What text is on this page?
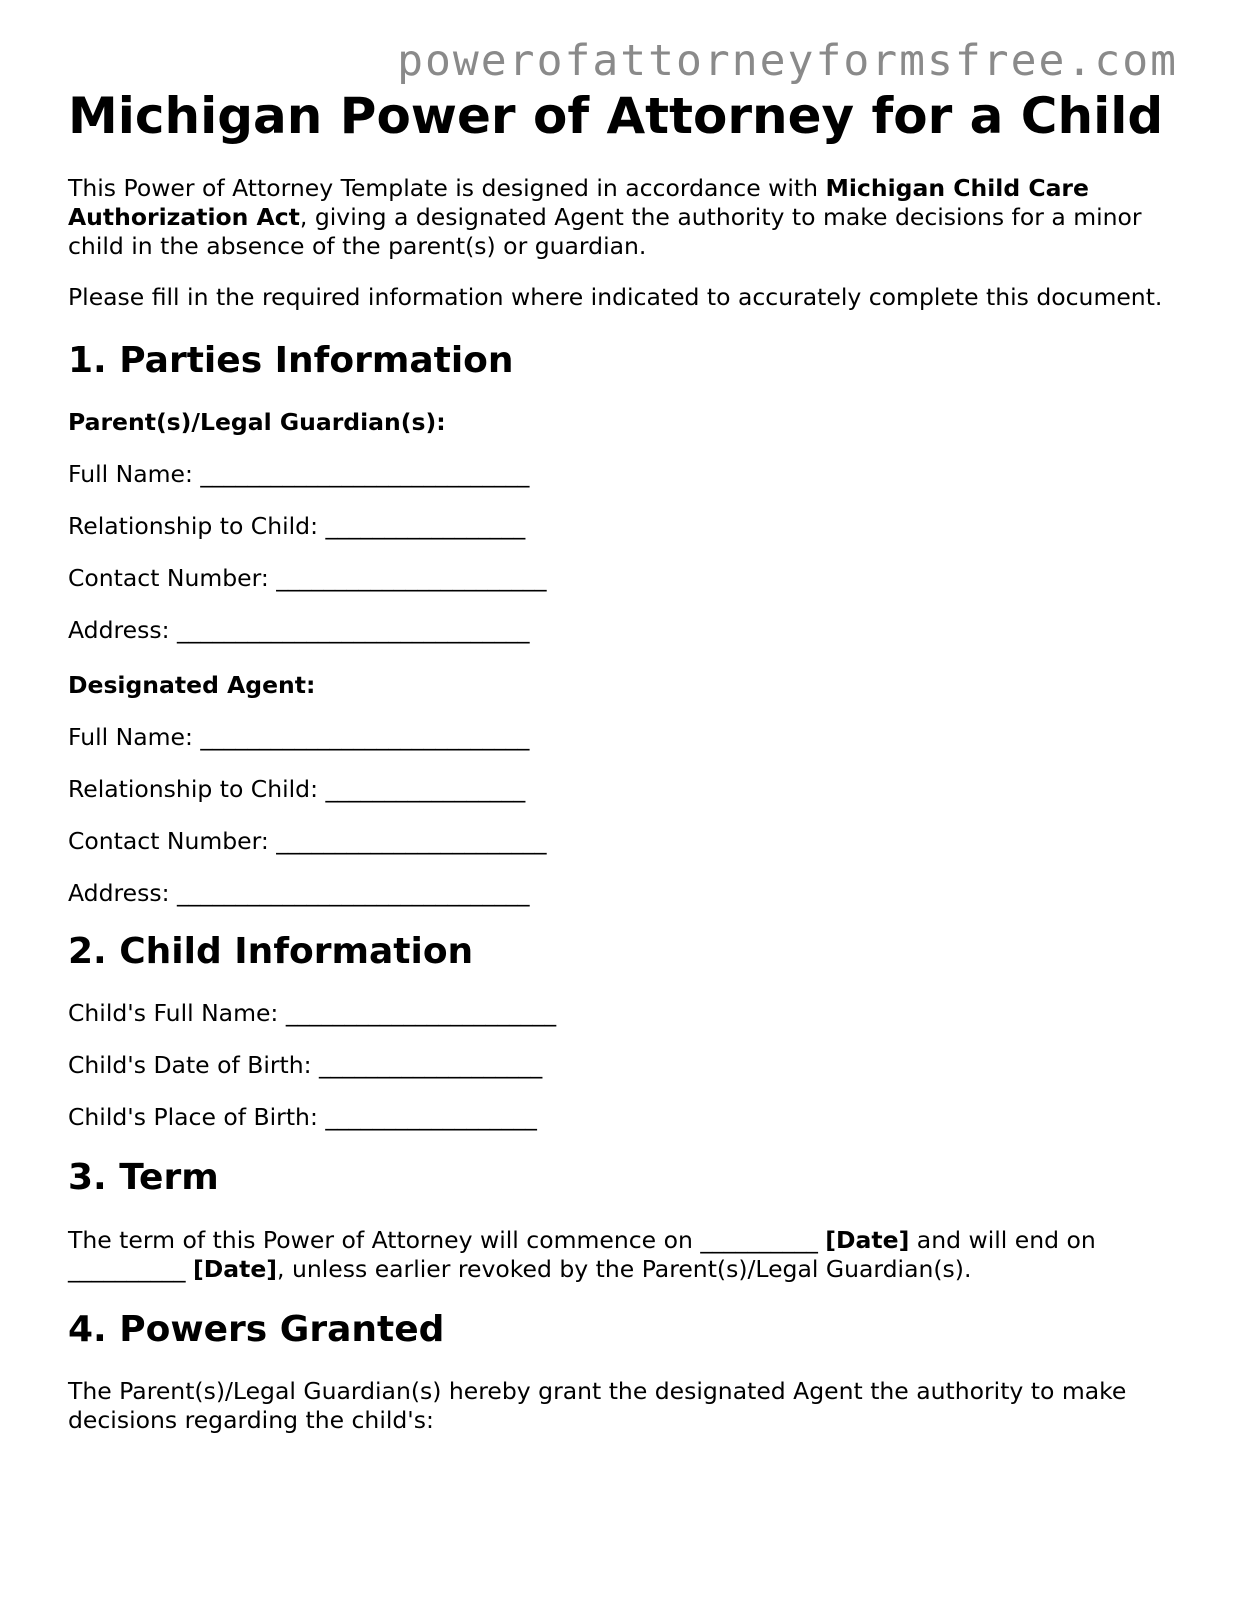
powerofattorneyformsfree.com
Michigan Power of Attorney for a Child

This Power of Attorney Template is designed in accordance with Michigan Child Care Authorization Act, giving a designated Agent the authority to make decisions for a minor child in the absence of the parent(s) or guardian.

Please fill in the required information where indicated to accurately complete this document.

1. Parties Information

Parent(s)/Legal Guardian(s):

Full Name: ____________________________

Relationship to Child: _________________

Contact Number: _______________________

Address: ______________________________

Designated Agent:

Full Name: ____________________________

Relationship to Child: _________________

Contact Number: _______________________

Address: ______________________________

2. Child Information

Child's Full Name: _______________________

Child's Date of Birth: ___________________

Child's Place of Birth: __________________

3. Term

The term of this Power of Attorney will commence on __________ [Date] and will end on __________ [Date], unless earlier revoked by the Parent(s)/Legal Guardian(s).

4. Powers Granted

The Parent(s)/Legal Guardian(s) hereby grant the designated Agent the authority to make decisions regarding the child's:
